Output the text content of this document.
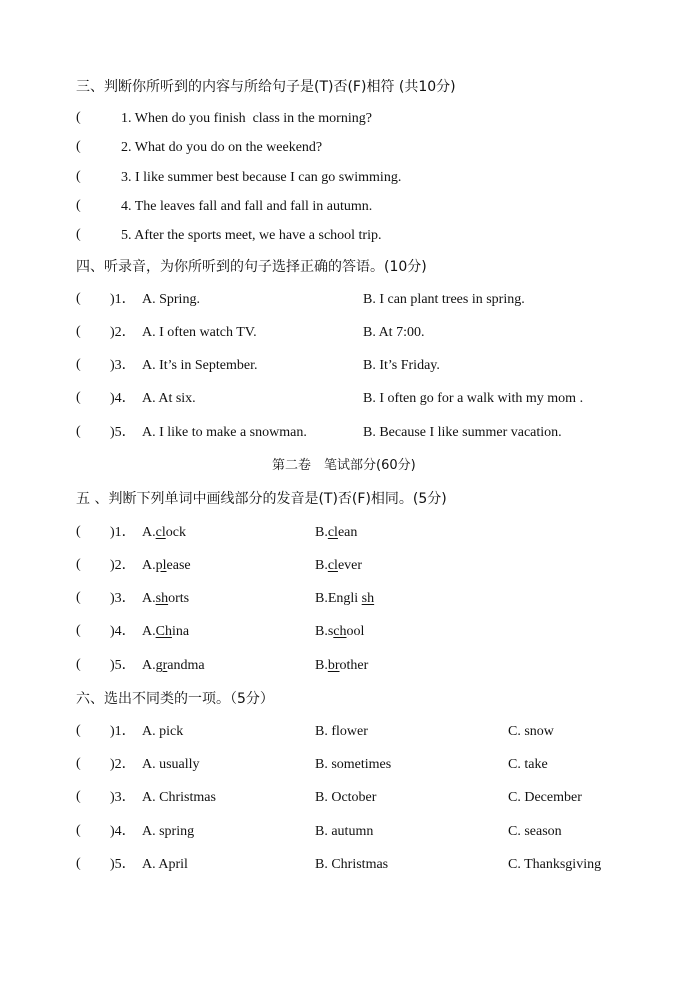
三、判断你所听到的内容与所给句子是(T)否(F)相符 (共10分)
(	1. When do you finish  class in the morning?
(	2. What do you do on the weekend?
(	3. I like summer best because I can go swimming.
(	4. The leaves fall and fall and fall in autumn.
(	5. After the sports meet, we have a school trip.
四、听录音，为你所听到的句子选择正确的答语。(10分)
( )1． A. Spring.	B. I can plant trees in spring.
( )2． A. I often watch TV.	B. At 7:00.
( )3． A. It’s in September.	B. It’s Friday.
( )4． A. At six.	B. I often go for a walk with my mom .
( )5． A. I like to make a snowman.	B. Because I like summer vacation.
第二卷　笔试部分(60分)
五 、判断下列单词中画线部分的发音是(T)否(F)相同。(5分)
( )1． A.clock	B.clean
( )2． A.please	B.clever
( )3． A.shorts	B.Engli sh
( )4． A.China	B.school
( )5． A.grandma	B.brother
六、选出不同类的一项。（5分）
( )1． A. pick	B. flower	C. snow
( )2． A. usually	B. sometimes	C. take
( )3． A. Christmas	B. October	C. December
( )4． A. spring	B. autumn	C. season
( )5． A. April	B. Christmas	C. Thanksgiving
